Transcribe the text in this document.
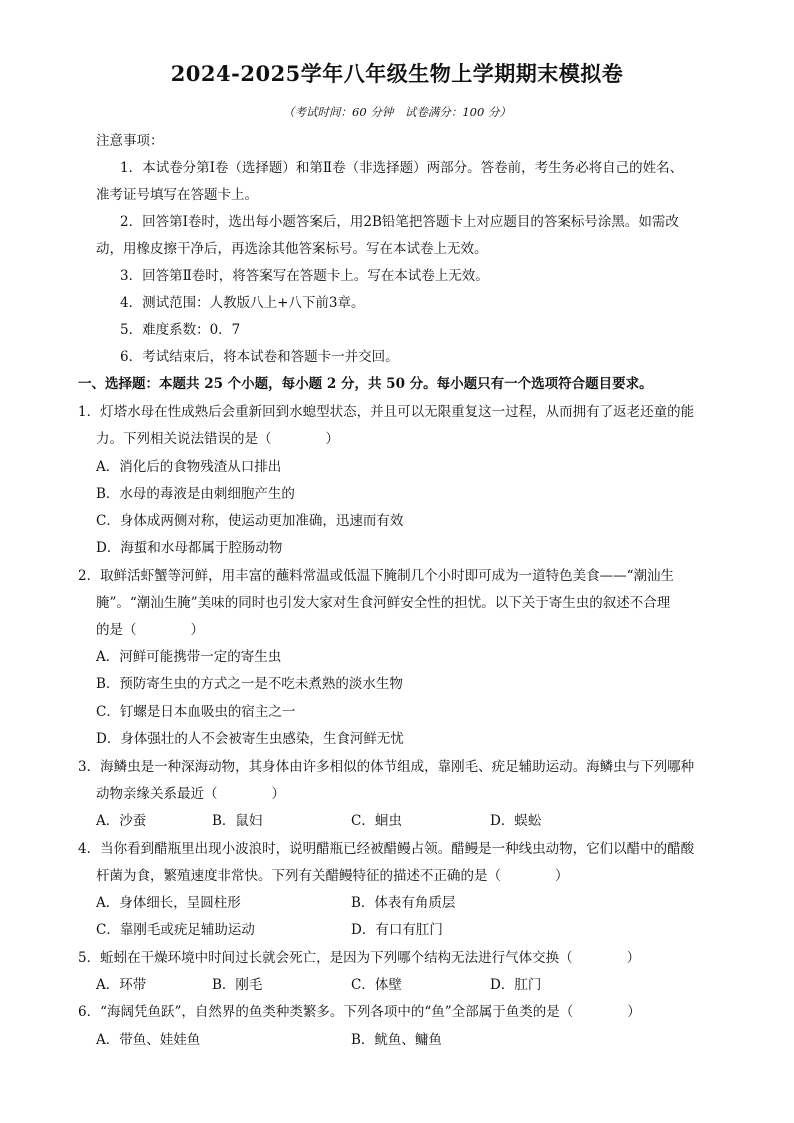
2024-2025学年八年级生物上学期期末模拟卷
（考试时间：60 分钟　试卷满分：100 分）
注意事项：
1．本试卷分第Ⅰ卷（选择题）和第Ⅱ卷（非选择题）两部分。答卷前，考生务必将自己的姓名、
准考证号填写在答题卡上。
2．回答第Ⅰ卷时，选出每小题答案后，用2B铅笔把答题卡上对应题目的答案标号涂黑。如需改
动，用橡皮擦干净后，再选涂其他答案标号。写在本试卷上无效。
3．回答第Ⅱ卷时，将答案写在答题卡上。写在本试卷上无效。
4．测试范围：人教版八上+八下前3章。
5．难度系数：0．7
6．考试结束后，将本试卷和答题卡一并交回。
一、选择题：本题共 25 个小题，每小题 2 分，共 50 分。每小题只有一个选项符合题目要求。
1．灯塔水母在性成熟后会重新回到水螅型状态，并且可以无限重复这一过程，从而拥有了返老还童的能
力。下列相关说法错误的是（　　　　）
A．消化后的食物残渣从口排出
B．水母的毒液是由刺细胞产生的
C．身体成两侧对称，使运动更加准确，迅速而有效
D．海蜇和水母都属于腔肠动物
2．取鲜活虾蟹等河鲜，用丰富的蘸料常温或低温下腌制几个小时即可成为一道特色美食——“潮汕生
腌”。“潮汕生腌”美味的同时也引发大家对生食河鲜安全性的担忧。以下关于寄生虫的叙述不合理
的是（　　　　）
A．河鲜可能携带一定的寄生虫
B．预防寄生虫的方式之一是不吃未煮熟的淡水生物
C．钉螺是日本血吸虫的宿主之一
D．身体强壮的人不会被寄生虫感染，生食河鲜无忧
3．海鳞虫是一种深海动物，其身体由许多相似的体节组成，靠刚毛、疣足辅助运动。海鳞虫与下列哪种
动物亲缘关系最近（　　　　）
A．沙蚕	B．鼠妇	C．蛔虫	D．蜈蚣
4．当你看到醋瓶里出现小波浪时，说明醋瓶已经被醋鳗占领。醋鳗是一种线虫动物，它们以醋中的醋酸
杆菌为食，繁殖速度非常快。下列有关醋鳗特征的描述不正确的是（　　　　）
A．身体细长，呈圆柱形	B．体表有角质层
C．靠刚毛或疣足辅助运动	D．有口有肛门
5．蚯蚓在干燥环境中时间过长就会死亡，是因为下列哪个结构无法进行气体交换（　　　　）
A．环带	B．刚毛	C．体壁	D．肛门
6．“海阔凭鱼跃”，自然界的鱼类种类繁多。下列各项中的“鱼”全部属于鱼类的是（　　　　）
A．带鱼、娃娃鱼	B．鱿鱼、鳙鱼
